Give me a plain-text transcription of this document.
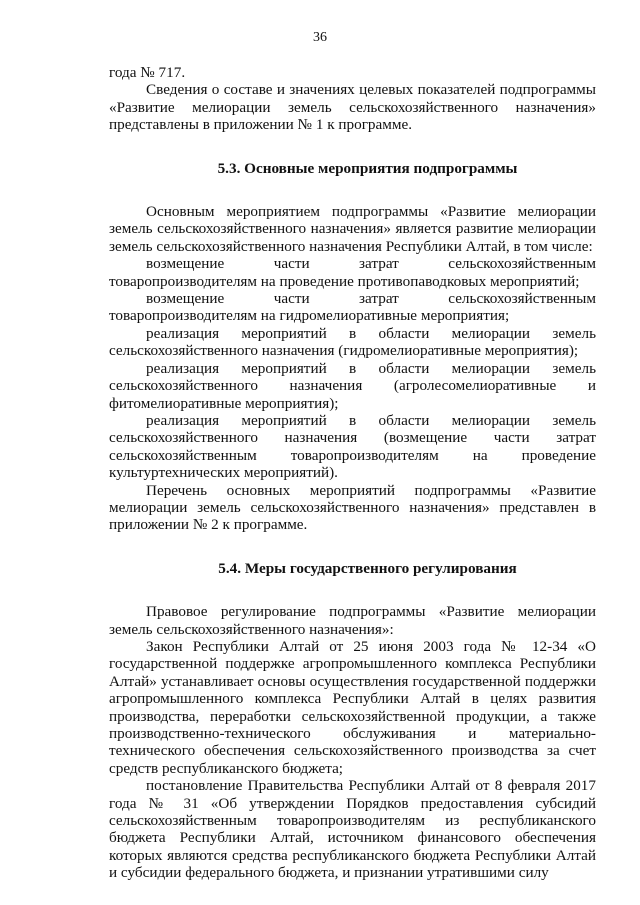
36

года № 717.

Сведения о составе и значениях целевых показателей подпрограммы «Развитие мелиорации земель сельскохозяйственного назначения» представлены в приложении № 1 к программе.

5.3. Основные мероприятия подпрограммы

Основным мероприятием подпрограммы «Развитие мелиорации земель сельскохозяйственного назначения» является развитие мелиорации земель сельскохозяйственного назначения Республики Алтай, в том числе:

возмещение части затрат сельскохозяйственным товаропроизводителям на проведение противопаводковых мероприятий;

возмещение части затрат сельскохозяйственным товаропроизводителям на гидромелиоративные мероприятия;

реализация мероприятий в области мелиорации земель сельскохозяйственного назначения (гидромелиоративные мероприятия);

реализация мероприятий в области мелиорации земель сельскохозяйственного назначения (агролесомелиоративные и фитомелиоративные мероприятия);

реализация мероприятий в области мелиорации земель сельскохозяйственного назначения (возмещение части затрат сельскохозяйственным товаропроизводителям на проведение культуртехнических мероприятий).

Перечень основных мероприятий подпрограммы «Развитие мелиорации земель сельскохозяйственного назначения» представлен в приложении № 2 к программе.

5.4. Меры государственного регулирования

Правовое регулирование подпрограммы «Развитие мелиорации земель сельскохозяйственного назначения»:

Закон Республики Алтай от 25 июня 2003 года № 12-34 «О государственной поддержке агропромышленного комплекса Республики Алтай» устанавливает основы осуществления государственной поддержки агропромышленного комплекса Республики Алтай в целях развития производства, переработки сельскохозяйственной продукции, а также производственно-технического обслуживания и материально-технического обеспечения сельскохозяйственного производства за счет средств республиканского бюджета;

постановление Правительства Республики Алтай от 8 февраля 2017 года № 31 «Об утверждении Порядков предоставления субсидий сельскохозяйственным товаропроизводителям из республиканского бюджета Республики Алтай, источником финансового обеспечения которых являются средства республиканского бюджета Республики Алтай и субсидии федерального бюджета, и признании утратившими силу
